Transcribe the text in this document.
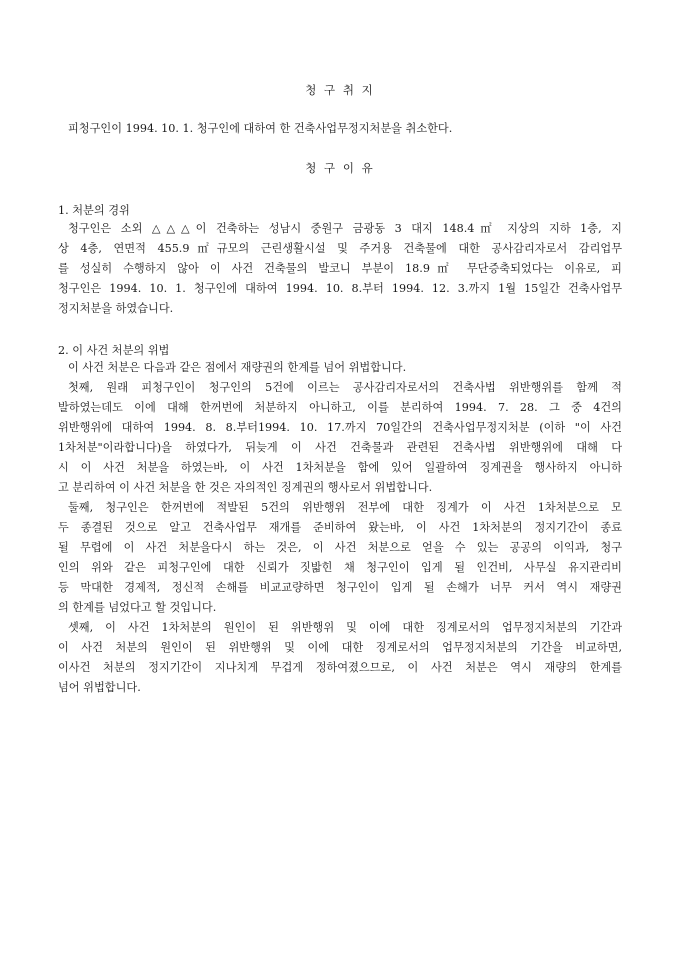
청 구 취 지
피청구인이 1994. 10. 1. 청구인에 대하여 한 건축사업무정지처분을 취소한다.
청 구 이 유
1. 처분의 경위
청구인은 소외 △△△이 건축하는 성남시 중원구 금광동 3 대지 148.4㎡ 지상의 지하 1층, 지
상 4층, 연면적 455.9㎡규모의 근린생활시설 및 주거용 건축물에 대한 공사감리자로서 감리업무
를 성실히 수행하지 않아 이 사건 건축물의 발코니 부분이 18.9㎡ 무단증축되었다는 이유로, 피
청구인은 1994. 10. 1. 청구인에 대하여 1994. 10. 8.부터 1994. 12. 3.까지 1월 15일간 건축사업무
정지처분을 하였습니다.
2. 이 사건 처분의 위법
이 사건 처분은 다음과 같은 점에서 재량권의 한계를 넘어 위법합니다.
첫째, 원래 피청구인이 청구인의 5건에 이르는 공사감리자로서의 건축사법 위반행위를 함께 적
발하였는데도 이에 대해 한꺼번에 처분하지 아니하고, 이를 분리하여 1994. 7. 28. 그 중 4건의
위반행위에 대하여 1994. 8. 8.부터1994. 10. 17.까지 70일간의 건축사업무정지처분 (이하 "이 사건
1차처분"이라합니다)을 하였다가, 뒤늦게 이 사건 건축물과 관련된 건축사법 위반행위에 대해 다
시 이 사건 처분을 하였는바, 이 사건 1차처분을 함에 있어 일괄하여 징계권을 행사하지 아니하
고 분리하여 이 사건 처분을 한 것은 자의적인 징계권의 행사로서 위법합니다.
둘째, 청구인은 한꺼번에 적발된 5건의 위반행위 전부에 대한 징계가 이 사건 1차처분으로 모
두 종결된 것으로 알고 건축사업무 재개를 준비하여 왔는바, 이 사건 1차처분의 정지기간이 종료
될 무렵에 이 사건 처분을다시 하는 것은, 이 사건 처분으로 얻을 수 있는 공공의 이익과, 청구
인의 위와 같은 피청구인에 대한 신뢰가 짓밟힌 채 청구인이 입게 될 인건비, 사무실 유지관리비
등 막대한 경제적, 정신적 손해를 비교교량하면 청구인이 입게 될 손해가 너무 커서 역시 재량권
의 한계를 넘었다고 할 것입니다.
셋째, 이 사건 1차처분의 원인이 된 위반행위 및 이에 대한 징계로서의 업무정지처분의 기간과
이 사건 처분의 원인이 된 위반행위 및 이에 대한 징계로서의 업무정지처분의 기간을 비교하면,
이사건 처분의 정지기간이 지나치게 무겁게 정하여졌으므로, 이 사건 처분은 역시 재량의 한계를
넘어 위법합니다.
